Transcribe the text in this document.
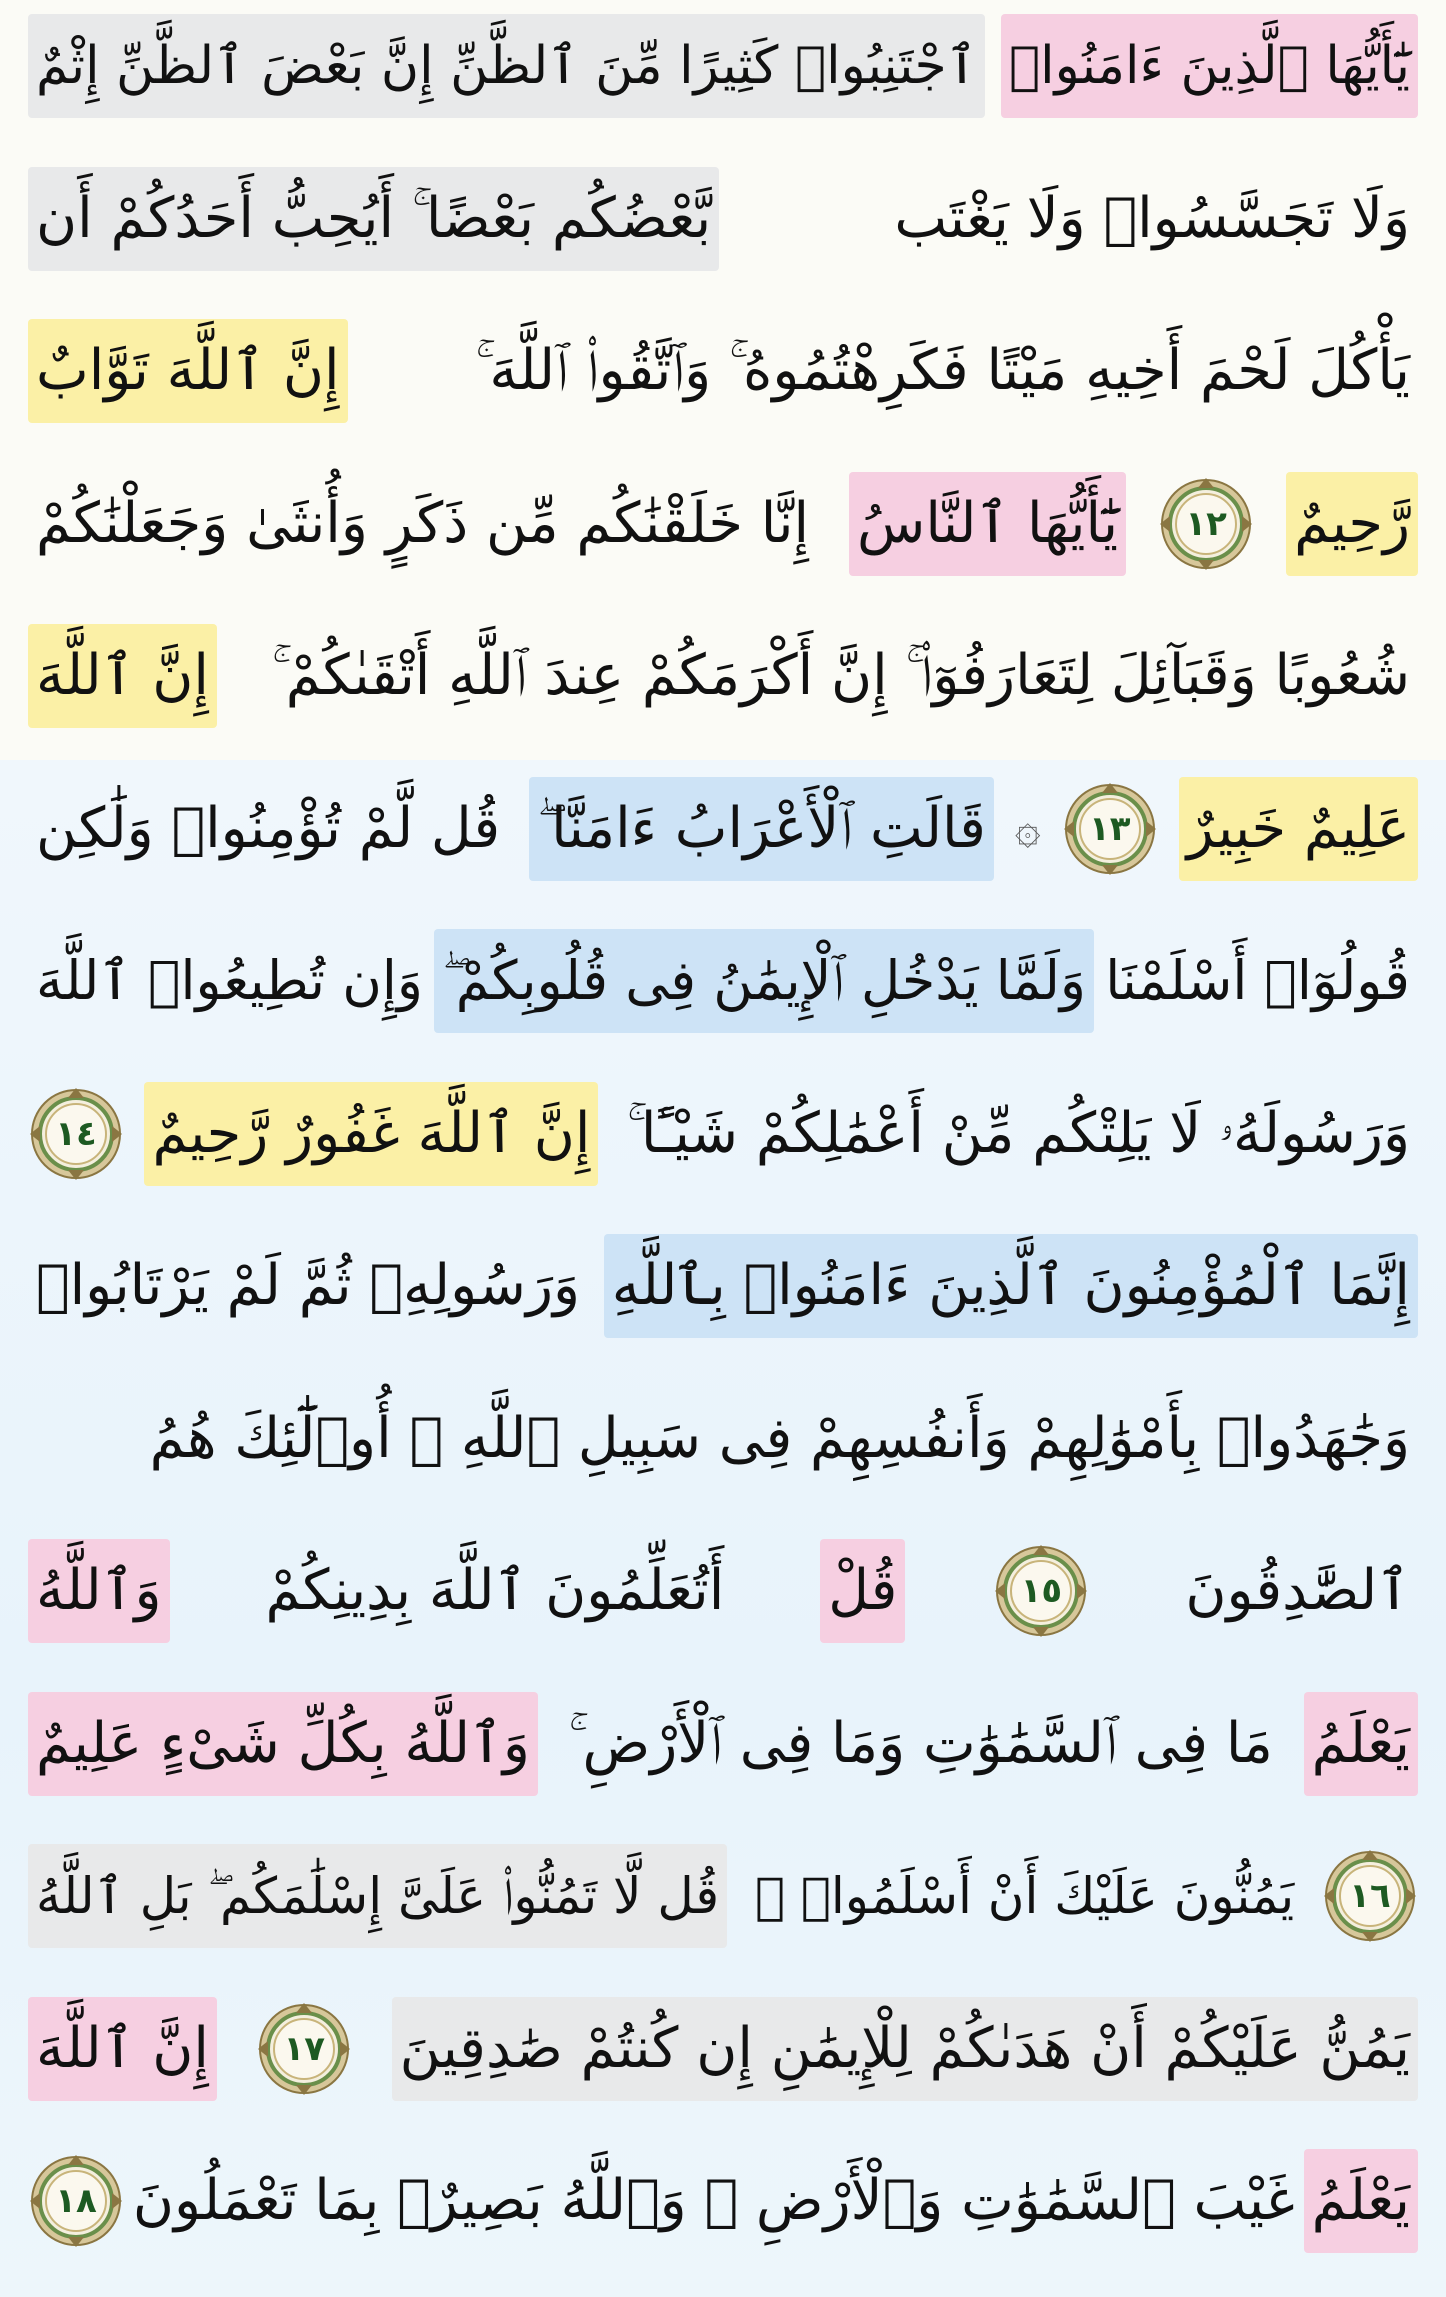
يَٰٓأَيُّهَا ٱلَّذِينَ ءَامَنُوا۟
ٱجْتَنِبُوا۟ كَثِيرًا مِّنَ ٱلظَّنِّ إِنَّ بَعْضَ ٱلظَّنِّ إِثْمٌ
وَلَا تَجَسَّسُوا۟ وَلَا يَغْتَب
بَّعْضُكُم بَعْضًا ۚ أَيُحِبُّ أَحَدُكُمْ أَن
يَأْكُلَ لَحْمَ أَخِيهِ مَيْتًا فَكَرِهْتُمُوهُ ۚ وَٱتَّقُوا۟ ٱللَّهَ ۚ
إِنَّ ٱللَّهَ تَوَّابٌ
رَّحِيمٌ
١٢
يَٰٓأَيُّهَا ٱلنَّاسُ
إِنَّا خَلَقْنَٰكُم مِّن ذَكَرٍ وَأُنثَىٰ وَجَعَلْنَٰكُمْ
شُعُوبًا وَقَبَآئِلَ لِتَعَارَفُوٓا۟ ۚ إِنَّ أَكْرَمَكُمْ عِندَ ٱللَّهِ أَتْقَىٰكُمْ ۚ
إِنَّ ٱللَّهَ
عَلِيمٌ خَبِيرٌ
١٣
۞
قَالَتِ ٱلْأَعْرَابُ ءَامَنَّا ۖ
قُل لَّمْ تُؤْمِنُوا۟ وَلَٰكِن
قُولُوٓا۟ أَسْلَمْنَا
وَلَمَّا يَدْخُلِ ٱلْإِيمَٰنُ فِى قُلُوبِكُمْ ۖ
وَإِن تُطِيعُوا۟ ٱللَّهَ
وَرَسُولَهُۥ لَا يَلِتْكُم مِّنْ أَعْمَٰلِكُمْ شَيْـًٔا ۚ
إِنَّ ٱللَّهَ غَفُورٌ رَّحِيمٌ
١٤
إِنَّمَا ٱلْمُؤْمِنُونَ ٱلَّذِينَ ءَامَنُوا۟ بِٱللَّهِ
وَرَسُولِهِۦ ثُمَّ لَمْ يَرْتَابُوا۟
وَجَٰهَدُوا۟ بِأَمْوَٰلِهِمْ وَأَنفُسِهِمْ فِى سَبِيلِ ٱللَّهِ ۚ أُو۟لَٰٓئِكَ هُمُ
ٱلصَّٰدِقُونَ
١٥
قُلْ
أَتُعَلِّمُونَ ٱللَّهَ بِدِينِكُمْ
وَٱللَّهُ
يَعْلَمُ
مَا فِى ٱلسَّمَٰوَٰتِ وَمَا فِى ٱلْأَرْضِ ۚ
وَٱللَّهُ بِكُلِّ شَىْءٍ عَلِيمٌ
١٦
يَمُنُّونَ عَلَيْكَ أَنْ أَسْلَمُوا۟ ۖ
قُل لَّا تَمُنُّوا۟ عَلَىَّ إِسْلَٰمَكُم ۖ بَلِ ٱللَّهُ
يَمُنُّ عَلَيْكُمْ أَنْ هَدَىٰكُمْ لِلْإِيمَٰنِ إِن كُنتُمْ صَٰدِقِينَ
١٧
إِنَّ ٱللَّهَ
يَعْلَمُ
غَيْبَ ٱلسَّمَٰوَٰتِ وَٱلْأَرْضِ ۚ وَٱللَّهُ بَصِيرٌۢ بِمَا تَعْمَلُونَ
١٨
